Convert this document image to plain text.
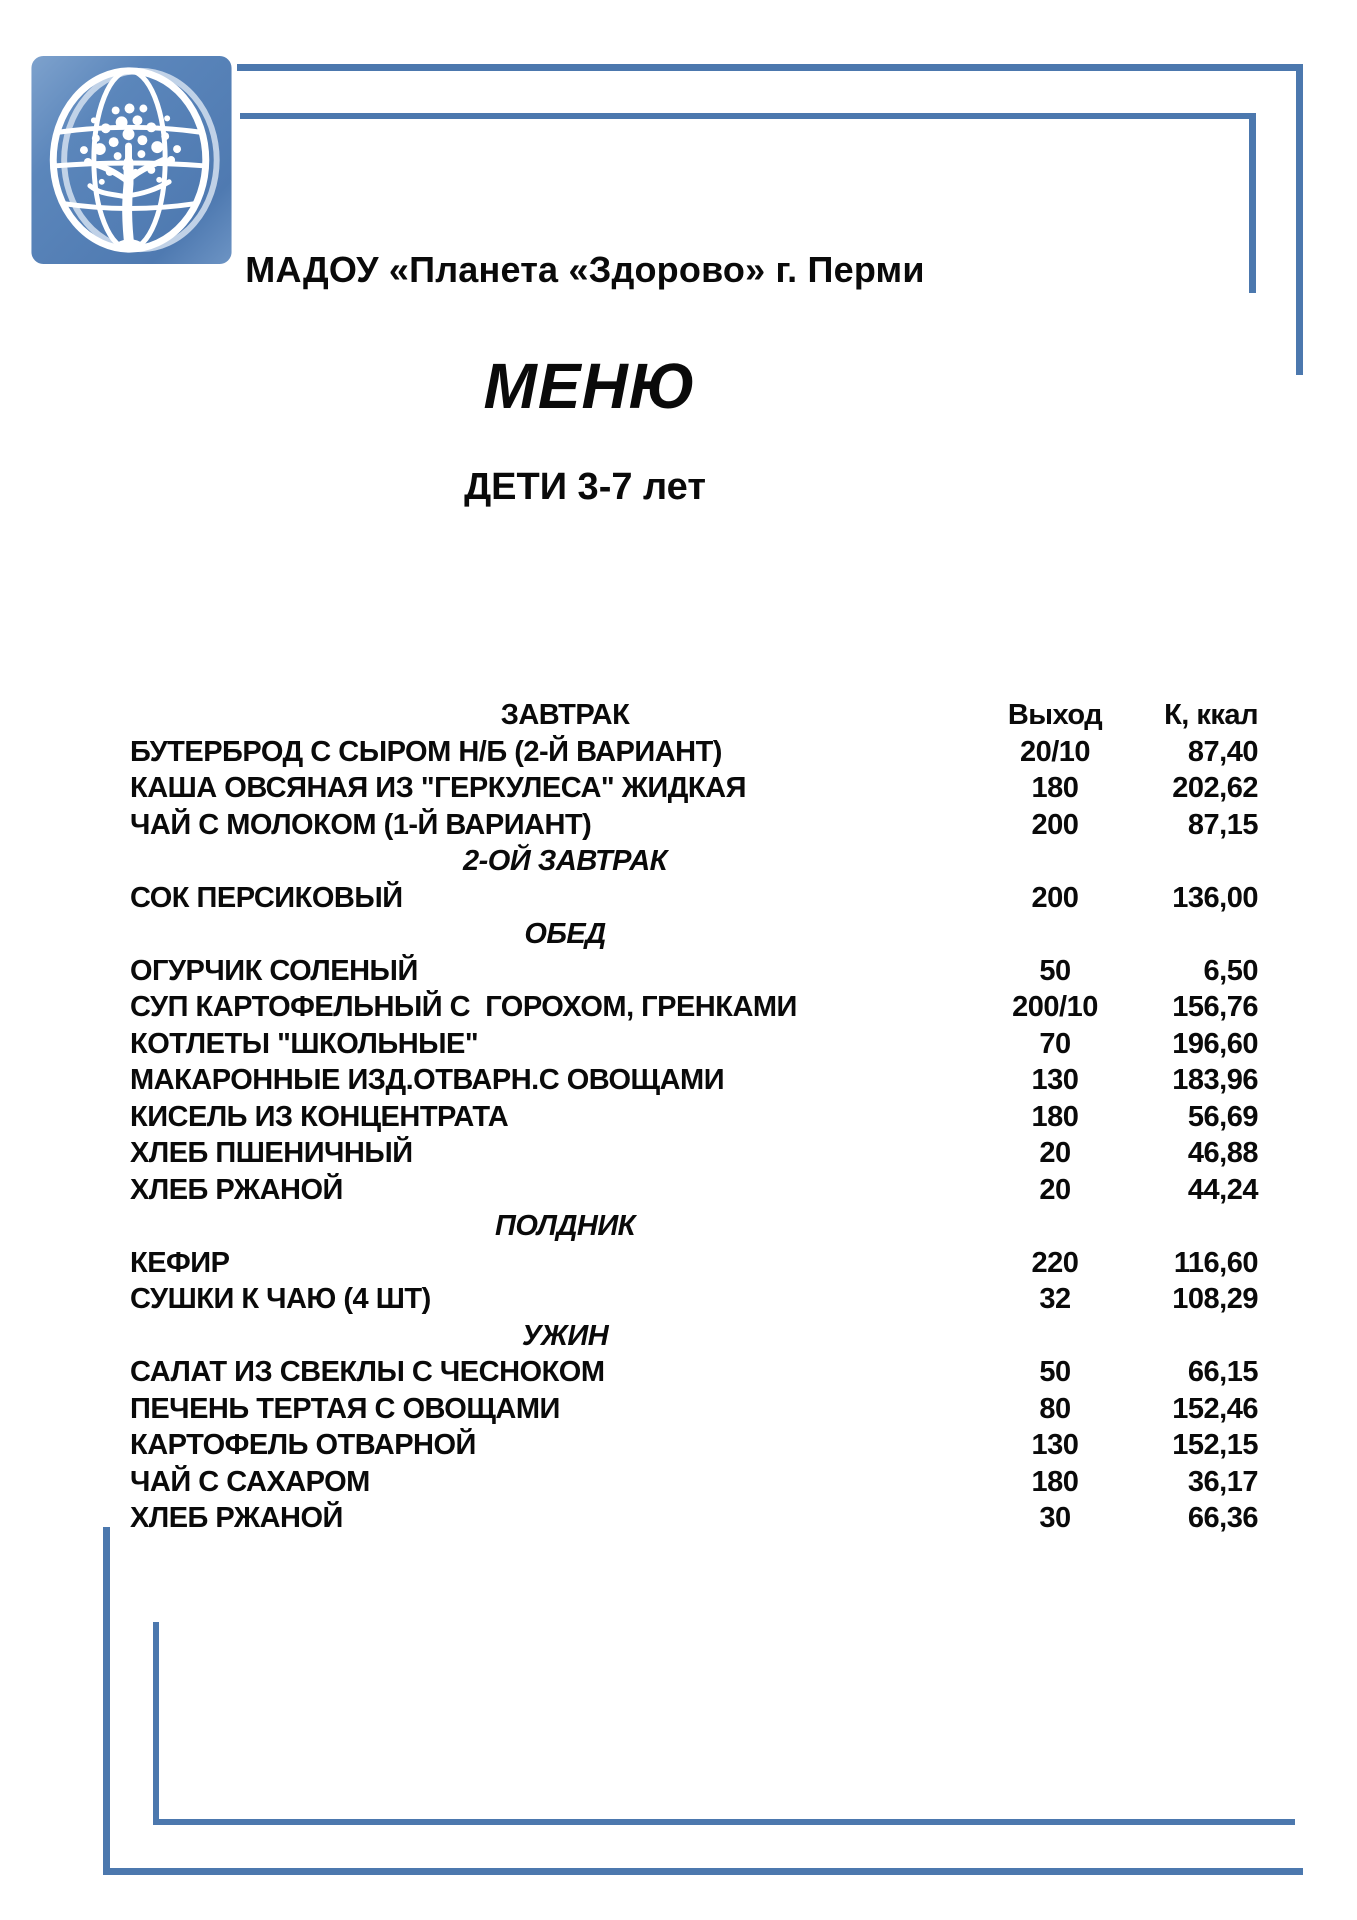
МАДОУ «Планета «Здорово» г. Перми
МЕНЮ
ДЕТИ 3-7 лет
ЗАВТРАК	Выход	К, ккал
БУТЕРБРОД С СЫРОМ Н/Б (2-Й ВАРИАНТ)	20/10	87,40
КАША ОВСЯНАЯ ИЗ "ГЕРКУЛЕСА" ЖИДКАЯ	180	202,62
ЧАЙ С МОЛОКОМ (1-Й ВАРИАНТ)	200	87,15
2-ОЙ ЗАВТРАК		
СОК ПЕРСИКОВЫЙ	200	136,00
ОБЕД		
ОГУРЧИК СОЛЕНЫЙ	50	6,50
СУП КАРТОФЕЛЬНЫЙ С  ГОРОХОМ, ГРЕНКАМИ	200/10	156,76
КОТЛЕТЫ "ШКОЛЬНЫЕ"	70	196,60
МАКАРОННЫЕ ИЗД.ОТВАРН.С ОВОЩАМИ	130	183,96
КИСЕЛЬ ИЗ КОНЦЕНТРАТА	180	56,69
ХЛЕБ ПШЕНИЧНЫЙ	20	46,88
ХЛЕБ РЖАНОЙ	20	44,24
ПОЛДНИК		
КЕФИР	220	116,60
СУШКИ К ЧАЮ (4 ШТ)	32	108,29
УЖИН		
САЛАТ ИЗ СВЕКЛЫ С ЧЕСНОКОМ	50	66,15
ПЕЧЕНЬ ТЕРТАЯ С ОВОЩАМИ	80	152,46
КАРТОФЕЛЬ ОТВАРНОЙ	130	152,15
ЧАЙ С САХАРОМ	180	36,17
ХЛЕБ РЖАНОЙ	30	66,36
